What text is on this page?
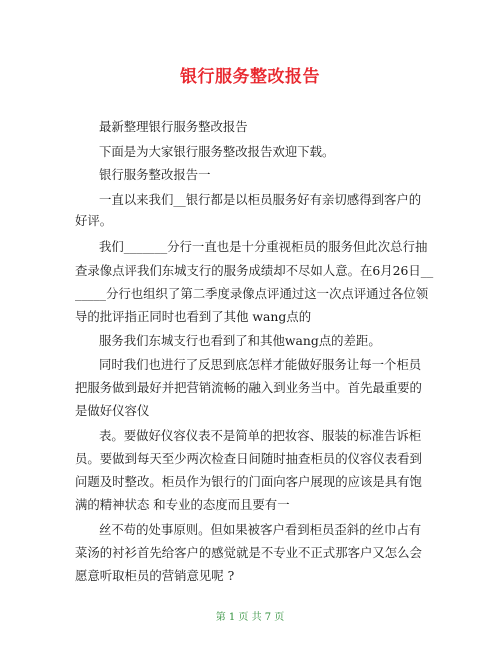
银行服务整改报告
最新整理银行服务整改报告
下面是为大家银行服务整改报告欢迎下载。
银行服务整改报告一
一直以来我们__银行都是以柜员服务好有亲切感得到客户的
好评。
我们_______分行一直也是十分重视柜员的服务但此次总行抽
查录像点评我们东城支行的服务成绩却不尽如人意。在6月26日__
_____分行也组织了第二季度录像点评通过这一次点评通过各位领
导的批评指正同时也看到了其他 wang点的
服务我们东城支行也看到了和其他wang点的差距。
同时我们也进行了反思到底怎样才能做好服务让每一个柜员
把服务做到最好并把营销流畅的融入到业务当中。首先最重要的
是做好仪容仪
表。要做好仪容仪表不是简单的把妆容、服装的标准告诉柜
员。要做到每天至少两次检查日间随时抽查柜员的仪容仪表看到
问题及时整改。柜员作为银行的门面向客户展现的应该是具有饱
满的精神状态 和专业的态度而且要有一
丝不苟的处事原则。但如果被客户看到柜员歪斜的丝巾占有
菜汤的衬衫首先给客户的感觉就是不专业不正式那客户又怎么会
愿意听取柜员的营销意见呢 ?
第 1 页 共 7 页
